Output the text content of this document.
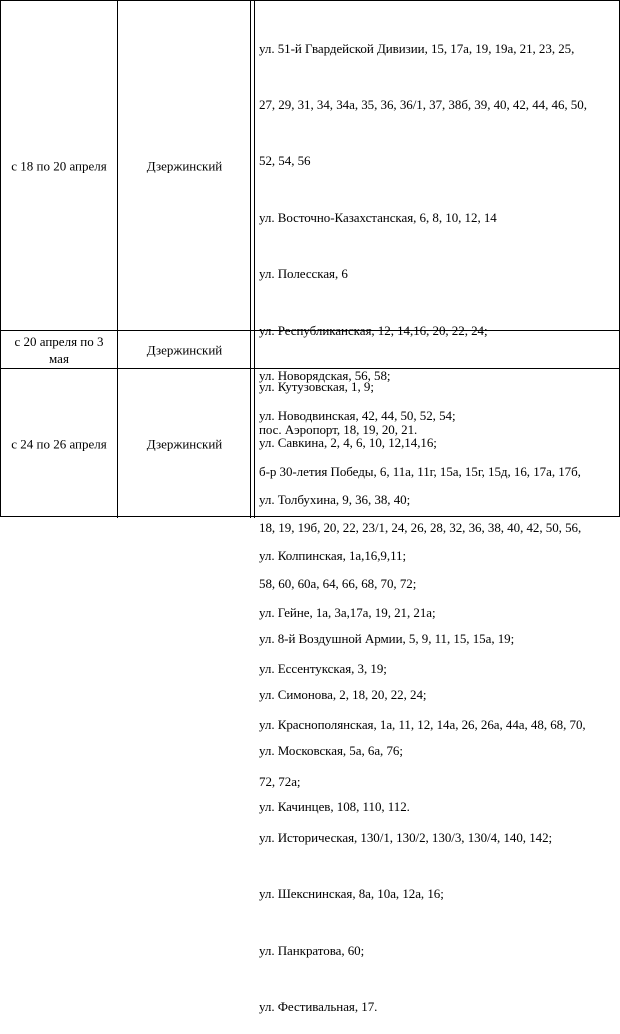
с 18 по 20 апреля	Дзержинский

ул. 51-й Гвардейской Дивизии, 15, 17а, 19, 19а, 21, 23, 25,

27, 29, 31, 34, 34а, 35, 36, 36/1, 37, 38б, 39, 40, 42, 44, 46, 50,

52, 54, 56

ул. Восточно-Казахстанская, 6, 8, 10, 12, 14

ул. Полесская, 6

ул. Республиканская, 12, 14,16, 20, 22, 24;

ул. Кутузовская, 1, 9;

ул. Савкина, 2, 4, 6, 10, 12,14,16;

ул. Толбухина, 9, 36, 38, 40;

ул. Колпинская, 1а,16,9,11;

ул. Гейне, 1а, 3а,17а, 19, 21, 21а;

ул. Ессентукская, 3, 19;

ул. Краснополянская, 1а, 11, 12, 14а, 26, 26а, 44а, 48, 68, 70,

72, 72а;

ул. Историческая, 130/1, 130/2, 130/3, 130/4, 140, 142;

ул. Шекснинская, 8а, 10а, 12а, 16;

ул. Панкратова, 60;

ул. Фестивальная, 17.

с 20 апреля по 3
мая
Дзержинский

ул. Новорядская, 56, 58;

пос. Аэропорт, 18, 19, 20, 21.

с 24 по 26 апреля	Дзержинский

ул. Новодвинская, 42, 44, 50, 52, 54;

б-р 30-летия Победы, 6, 11а, 11г, 15а, 15г, 15д, 16, 17а, 17б,

18, 19, 19б, 20, 22, 23/1, 24, 26, 28, 32, 36, 38, 40, 42, 50, 56,

58, 60, 60а, 64, 66, 68, 70, 72;

ул. 8-й Воздушной Армии, 5, 9, 11, 15, 15а, 19;

ул. Симонова, 2, 18, 20, 22, 24;

ул. Московская, 5а, 6а, 76;

ул. Качинцев, 108, 110, 112.
